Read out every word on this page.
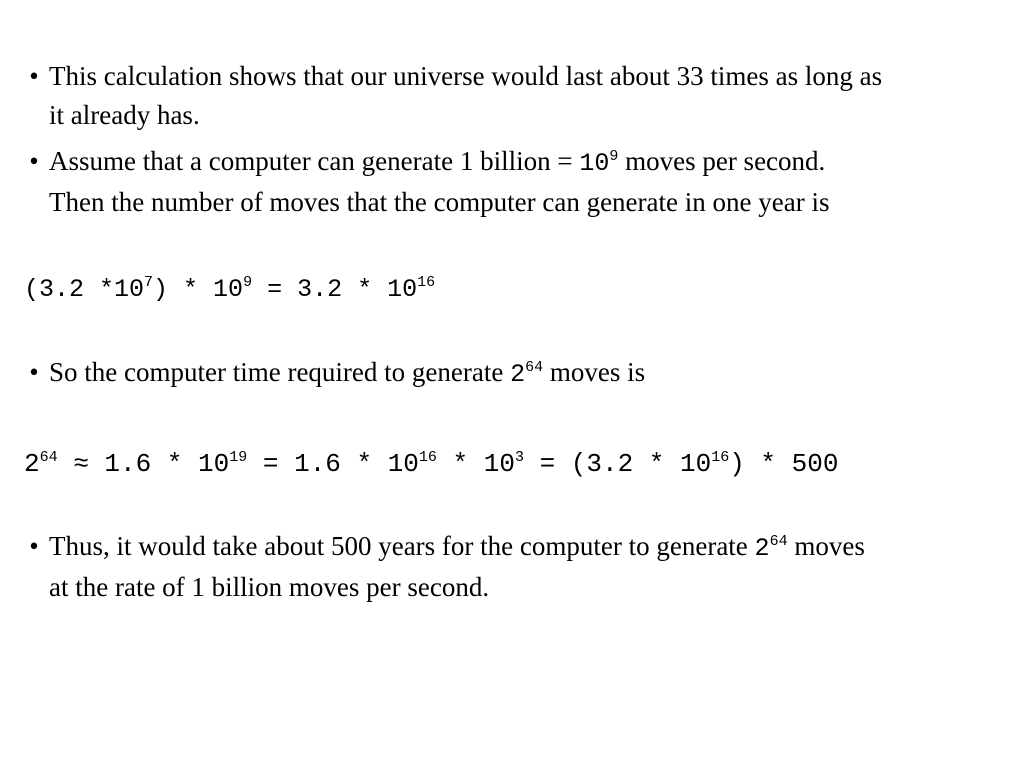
• This calculation shows that our universe would last about 33 times as long as
it already has.
• Assume that a computer can generate 1 billion = $10^9$ moves per second.
Then the number of moves that the computer can generate in one year is
(3.2 $*10^7) * 10^9 = 3.2 * 10^{16}$
• So the computer time required to generate $2^{64}$ moves is
$2^{64} \approx 1.6 * 10^{19} = 1.6 * 10^{16} * 10^3 = (3.2 * 10^{16}) * 500$
• Thus, it would take about 500 years for the computer to generate $2^{64}$ moves
at the rate of 1 billion moves per second.
